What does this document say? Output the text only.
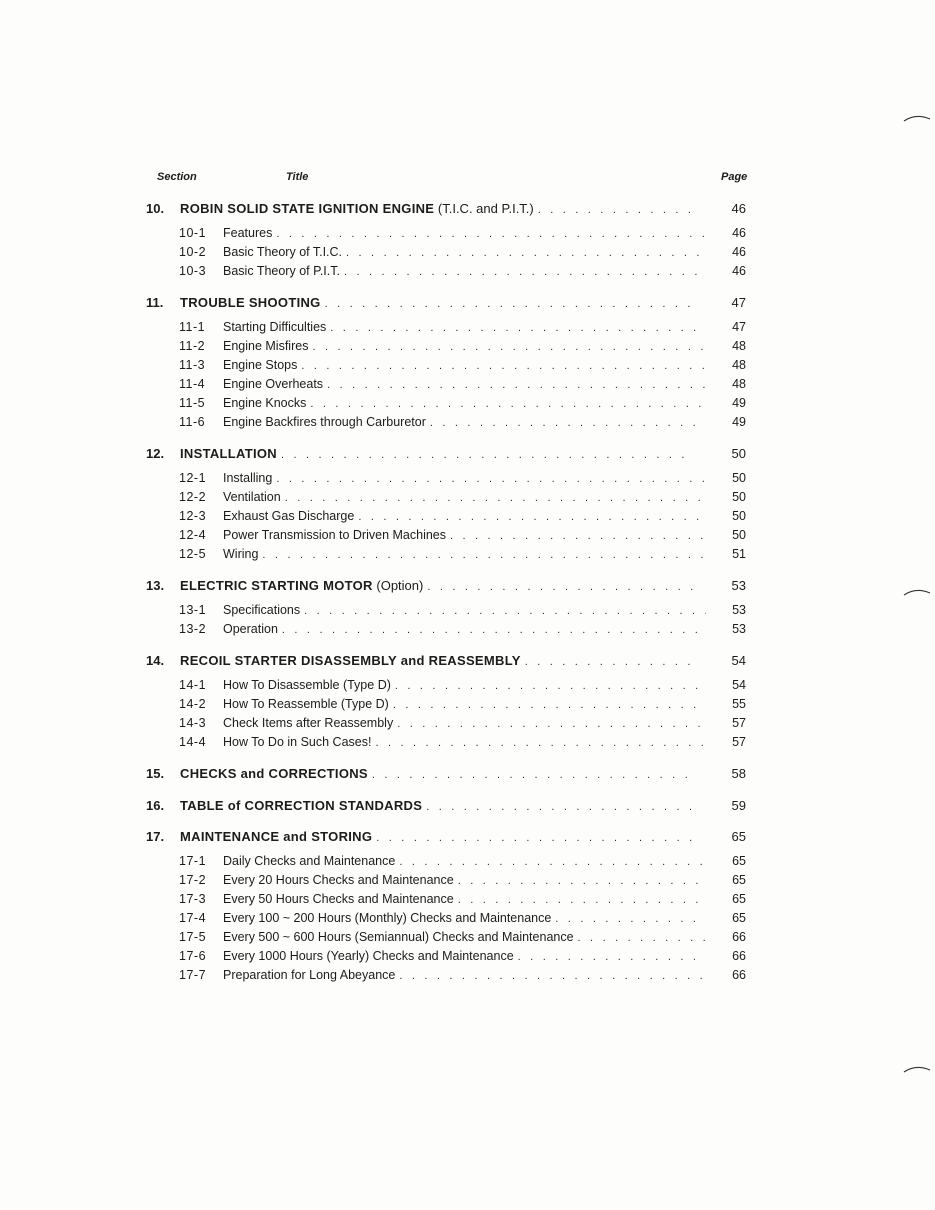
Section	Title	Page
10. ROBIN SOLID STATE IGNITION ENGINE (T.I.C. and P.I.T.) . . .	46
10-1 Features . . .	46
10-2 Basic Theory of T.I.C. . . .	46
10-3 Basic Theory of P.I.T. . . .	46
11. TROUBLE SHOOTING . . .	47
11-1 Starting Difficulties . . .	47
11-2 Engine Misfires . . .	48
11-3 Engine Stops . . .	48
11-4 Engine Overheats . . .	48
11-5 Engine Knocks . . .	49
11-6 Engine Backfires through Carburetor . . .	49
12. INSTALLATION . . .	50
12-1 Installing . . .	50
12-2 Ventilation . . .	50
12-3 Exhaust Gas Discharge . . .	50
12-4 Power Transmission to Driven Machines . . .	50
12-5 Wiring . . .	51
13. ELECTRIC STARTING MOTOR (Option) . . .	53
13-1 Specifications . . .	53
13-2 Operation . . .	53
14. RECOIL STARTER DISASSEMBLY and REASSEMBLY . . .	54
14-1 How To Disassemble (Type D) . . .	54
14-2 How To Reassemble (Type D) . . .	55
14-3 Check Items after Reassembly . . .	57
14-4 How To Do in Such Cases! . . .	57
15. CHECKS and CORRECTIONS . . .	58
16. TABLE of CORRECTION STANDARDS . . .	59
17. MAINTENANCE and STORING . . .	65
17-1 Daily Checks and Maintenance . . .	65
17-2 Every 20 Hours Checks and Maintenance . . .	65
17-3 Every 50 Hours Checks and Maintenance . . .	65
17-4 Every 100 ~ 200 Hours (Monthly) Checks and Maintenance . . .	65
17-5 Every 500 ~ 600 Hours (Semiannual) Checks and Maintenance . . .	66
17-6 Every 1000 Hours (Yearly) Checks and Maintenance . . .	66
17-7 Preparation for Long Abeyance . . .	66
